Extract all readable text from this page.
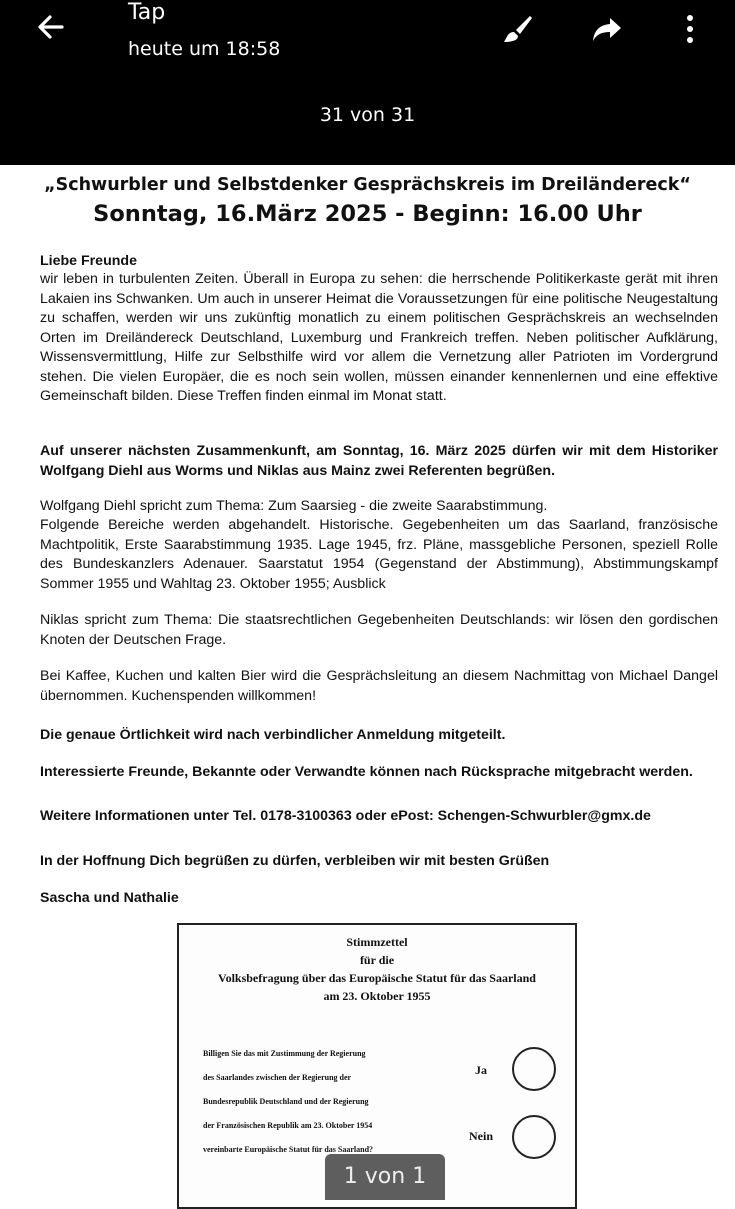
Tap
heute um 18:58
31 von 31
„Schwurbler und Selbstdenker Gesprächskreis im Dreiländereck“
Sonntag, 16.März 2025 - Beginn: 16.00 Uhr
Liebe Freunde
wir leben in turbulenten Zeiten. Überall in Europa zu sehen: die herrschende Politikerkaste gerät mit ihren Lakaien ins Schwanken. Um auch in unserer Heimat die Voraussetzungen für eine politische Neugestaltung zu schaffen, werden wir uns zukünftig monatlich zu einem politischen Gesprächskreis an wechselnden Orten im Dreiländereck Deutschland, Luxemburg und Frankreich treffen. Neben politischer Aufklärung, Wissensvermittlung, Hilfe zur Selbsthilfe wird vor allem die Vernetzung aller Patrioten im Vordergrund stehen. Die vielen Europäer, die es noch sein wollen, müssen einander kennenlernen und eine effektive Gemeinschaft bilden. Diese Treffen finden einmal im Monat statt.
Auf unserer nächsten Zusammenkunft, am Sonntag, 16. März 2025 dürfen wir mit dem Historiker Wolfgang Diehl aus Worms und Niklas aus Mainz zwei Referenten begrüßen.
Wolfgang Diehl spricht zum Thema: Zum Saarsieg - die zweite Saarabstimmung.
Folgende Bereiche werden abgehandelt. Historische. Gegebenheiten um das Saarland, französische Machtpolitik, Erste Saarabstimmung 1935. Lage 1945, frz. Pläne, massgebliche Personen, speziell Rolle des Bundeskanzlers Adenauer. Saarstatut 1954 (Gegenstand der Abstimmung), Abstimmungskampf Sommer 1955 und Wahltag 23. Oktober 1955; Ausblick
Niklas spricht zum Thema: Die staatsrechtlichen Gegebenheiten Deutschlands: wir lösen den gordischen Knoten der Deutschen Frage.
Bei Kaffee, Kuchen und kalten Bier wird die Gesprächsleitung an diesem Nachmittag von Michael Dangel übernommen. Kuchenspenden willkommen!
Die genaue Örtlichkeit wird nach verbindlicher Anmeldung mitgeteilt.
Interessierte Freunde, Bekannte oder Verwandte können nach Rücksprache mitgebracht werden.
Weitere Informationen unter Tel. 0178-3100363 oder ePost: Schengen-Schwurbler@gmx.de
In der Hoffnung Dich begrüßen zu dürfen, verbleiben wir mit besten Grüßen
Sascha und Nathalie
Stimmzettel
für die
Volksbefragung über das Europäische Statut für das Saarland
am 23. Oktober 1955
Billigen Sie das mit Zustimmung der Regierung
des Saarlandes zwischen der Regierung der
Bundesrepublik Deutschland und der Regierung
der Französischen Republik am 23. Oktober 1954
vereinbarte Europäische Statut für das Saarland?
Ja
Nein
1 von 1
